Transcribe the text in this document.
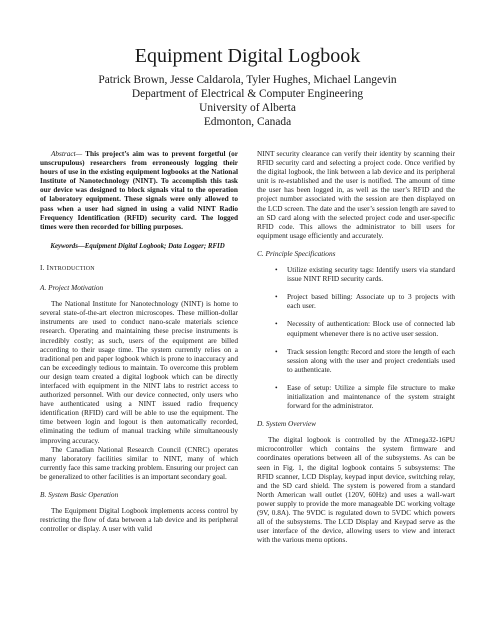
Equipment Digital Logbook

Patrick Brown, Jesse Caldarola, Tyler Hughes, Michael Langevin

Department of Electrical & Computer Engineering

University of Alberta

Edmonton, Canada

Abstract— This project’s aim was to prevent forgetful (or unscrupulous) researchers from erroneously logging their hours of use in the existing equipment logbooks at the National Institute of Nanotechnology (NINT). To accomplish this task our device was designed to block signals vital to the operation of laboratory equipment. These signals were only allowed to pass when a user had signed in using a valid NINT Radio Frequency Identification (RFID) security card. The logged times were then recorded for billing purposes.

Keywords—Equipment Digital Logbook; Data Logger; RFID

I. INTRODUCTION

A. Project Motivation

The National Institute for Nanotechnology (NINT) is home to several state-of-the-art electron microscopes. These million-dollar instruments are used to conduct nano-scale materials science research. Operating and maintaining these precise instruments is incredibly costly; as such, users of the equipment are billed according to their usage time. The system currently relies on a traditional pen and paper logbook which is prone to inaccuracy and can be exceedingly tedious to maintain. To overcome this problem our design team created a digital logbook which can be directly interfaced with equipment in the NINT labs to restrict access to authorized personnel. With our device connected, only users who have authenticated using a NINT issued radio frequency identification (RFID) card will be able to use the equipment. The time between login and logout is then automatically recorded, eliminating the tedium of manual tracking while simultaneously improving accuracy.

The Canadian National Research Council (CNRC) operates many laboratory facilities similar to NINT, many of which currently face this same tracking problem. Ensuring our project can be generalized to other facilities is an important secondary goal.

B. System Basic Operation

The Equipment Digital Logbook implements access control by restricting the flow of data between a lab device and its peripheral controller or display. A user with valid

NINT security clearance can verify their identity by scanning their RFID security card and selecting a project code. Once verified by the digital logbook, the link between a lab device and its peripheral unit is re-established and the user is notified. The amount of time the user has been logged in, as well as the user’s RFID and the project number associated with the session are then displayed on the LCD screen. The date and the user’s session length are saved to an SD card along with the selected project code and user-specific RFID code. This allows the administrator to bill users for equipment usage efficiently and accurately.

C. Principle Specifications

• Utilize existing security tags: Identify users via standard issue NINT RFID security cards.
• Project based billing: Associate up to 3 projects with each user.
• Necessity of authentication: Block use of connected lab equipment whenever there is no active user session.
• Track session length: Record and store the length of each session along with the user and project credentials used to authenticate.
• Ease of setup: Utilize a simple file structure to make initialization and maintenance of the system straight forward for the administrator.

D. System Overview

The digital logbook is controlled by the ATmega32-16PU microcontroller which contains the system firmware and coordinates operations between all of the subsystems. As can be seen in Fig. 1, the digital logbook contains 5 subsystems: The RFID scanner, LCD Display, keypad input device, switching relay, and the SD card shield. The system is powered from a standard North American wall outlet (120V, 60Hz) and uses a wall-wart power supply to provide the more manageable DC working voltage (9V, 0.8A). The 9VDC is regulated down to 5VDC which powers all of the subsystems. The LCD Display and Keypad serve as the user interface of the device, allowing users to view and interact with the various menu options.
